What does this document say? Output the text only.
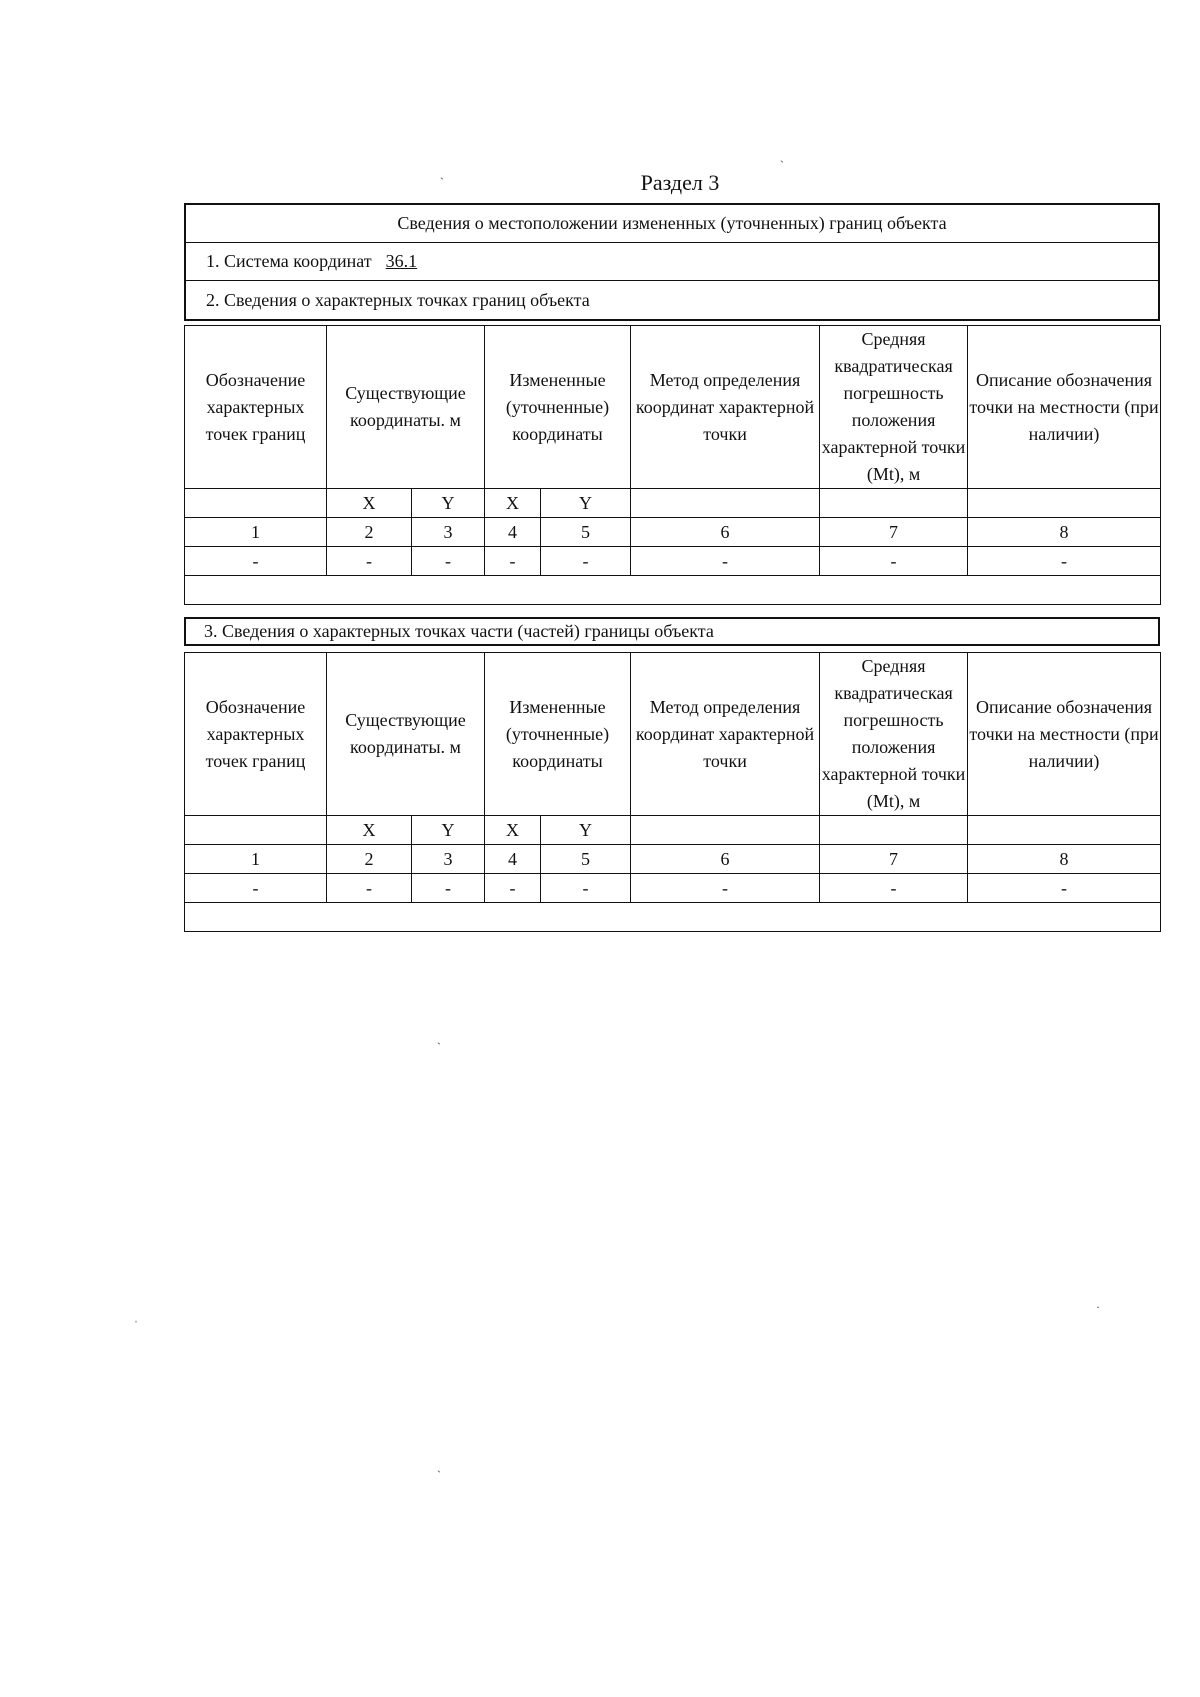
Раздел 3
Сведения о местоположении измененных (уточненных) границ объекта
1. Система координат 36.1
2. Сведения о характерных точках границ объекта
Обозначение характерных точек границ	Существующие координаты. м		Измененные (уточненные) координаты		Метод определения координат характерной точки	Средняя квадратическая погрешность положения характерной точки (Mt), м	Описание обозначения точки на местности (при наличии)
	X	Y	X	Y			
1	2	3	4	5	6	7	8
-	-	-	-	-	-	-	-

3. Сведения о характерных точках части (частей) границы объекта
Обозначение характерных точек границ	Существующие координаты. м		Измененные (уточненные) координаты		Метод определения координат характерной точки	Средняя квадратическая погрешность положения характерной точки (Mt), м	Описание обозначения точки на местности (при наличии)
	X	Y	X	Y			
1	2	3	4	5	6	7	8
-	-	-	-	-	-	-	-

ˋ
ˋ
ˋ
·
ˈ
ˋ
